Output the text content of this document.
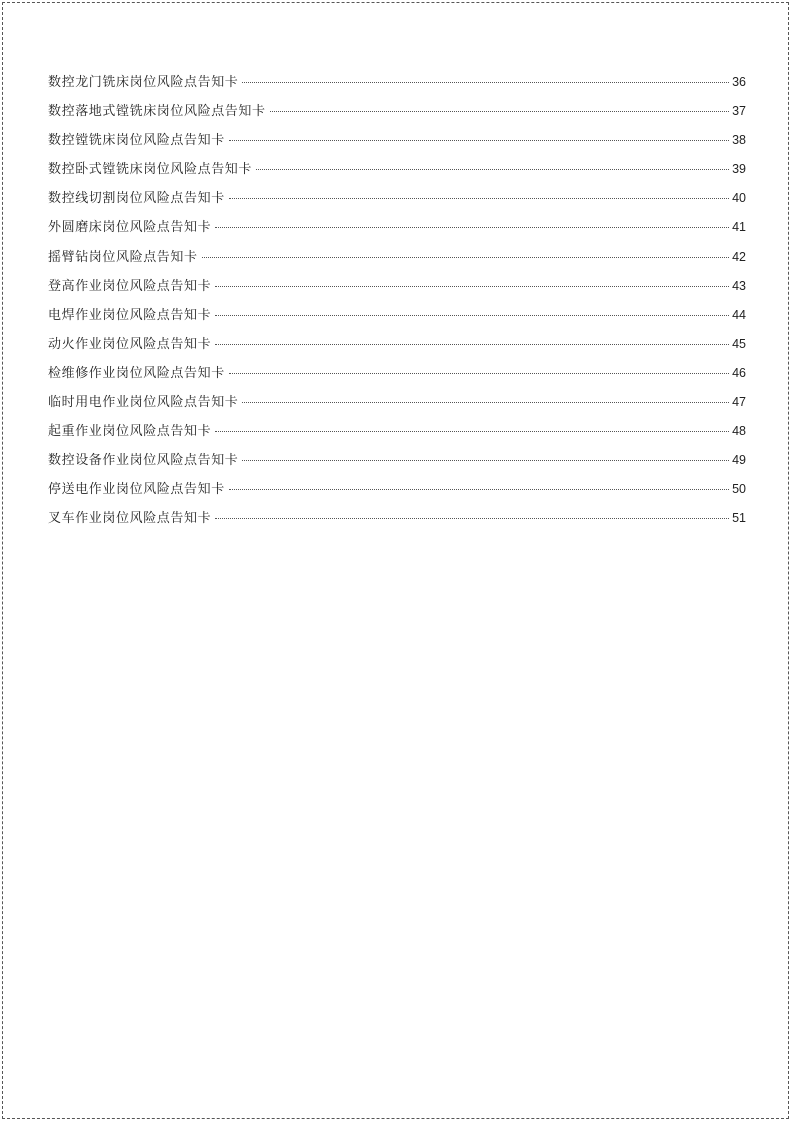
数控龙门铣床岗位风险点告知卡	36
数控落地式镗铣床岗位风险点告知卡	37
数控镗铣床岗位风险点告知卡	38
数控卧式镗铣床岗位风险点告知卡	39
数控线切割岗位风险点告知卡	40
外圆磨床岗位风险点告知卡	41
摇臂钻岗位风险点告知卡	42
登高作业岗位风险点告知卡	43
电焊作业岗位风险点告知卡	44
动火作业岗位风险点告知卡	45
检维修作业岗位风险点告知卡	46
临时用电作业岗位风险点告知卡	47
起重作业岗位风险点告知卡	48
数控设备作业岗位风险点告知卡	49
停送电作业岗位风险点告知卡	50
叉车作业岗位风险点告知卡	51
